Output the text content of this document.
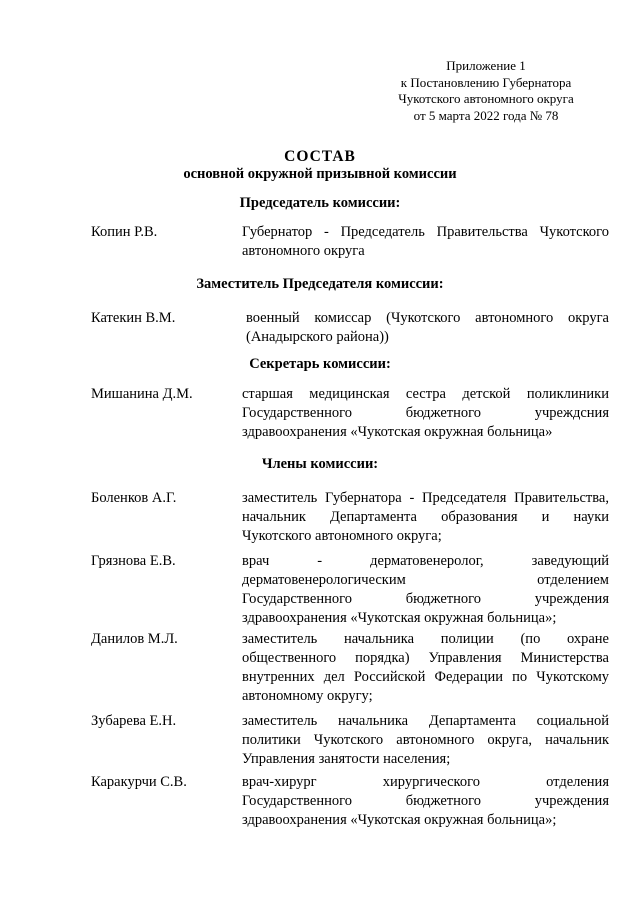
Приложение 1
к Постановлению Губернатора
Чукотского автономного округа
от 5 марта 2022 года № 78
СОСТАВ
основной окружной призывной комиссии
Председатель комиссии:
Копин Р.В.	Губернатор - Председатель Правительства Чукотского
автономного округа
Заместитель Председателя комиссии:
Катекин В.М.	военный комиссар (Чукотского автономного округа
(Анадырского района))
Секретарь комиссии:
Мишанина Д.М.	старшая медицинская сестра детской поликлиники
Государственного бюджетного учреждсния
здравоохранения «Чукотская окружная больница»
Члены комиссии:
Боленков А.Г.	заместитель Губернатора - Председателя Правительства,
начальник Департамента образования и науки
Чукотского автономного округа;
Грязнова Е.В.	врач - дерматовенеролог, заведующий
дерматовенерологическим отделением
Государственного бюджетного учреждения
здравоохранения «Чукотская окружная больница»;
Данилов М.Л.	заместитель начальника полиции (по охране
общественного порядка) Управления Министерства
внутренних дел Российской Федерации по Чукотскому
автономному округу;
Зубарева Е.Н.	заместитель начальника Департамента социальной
политики Чукотского автономного округа, начальник
Управления занятости населения;
Каракурчи С.В.	врач-хирург хирургического отделения
Государственного бюджетного учреждения
здравоохранения «Чукотская окружная больница»;
